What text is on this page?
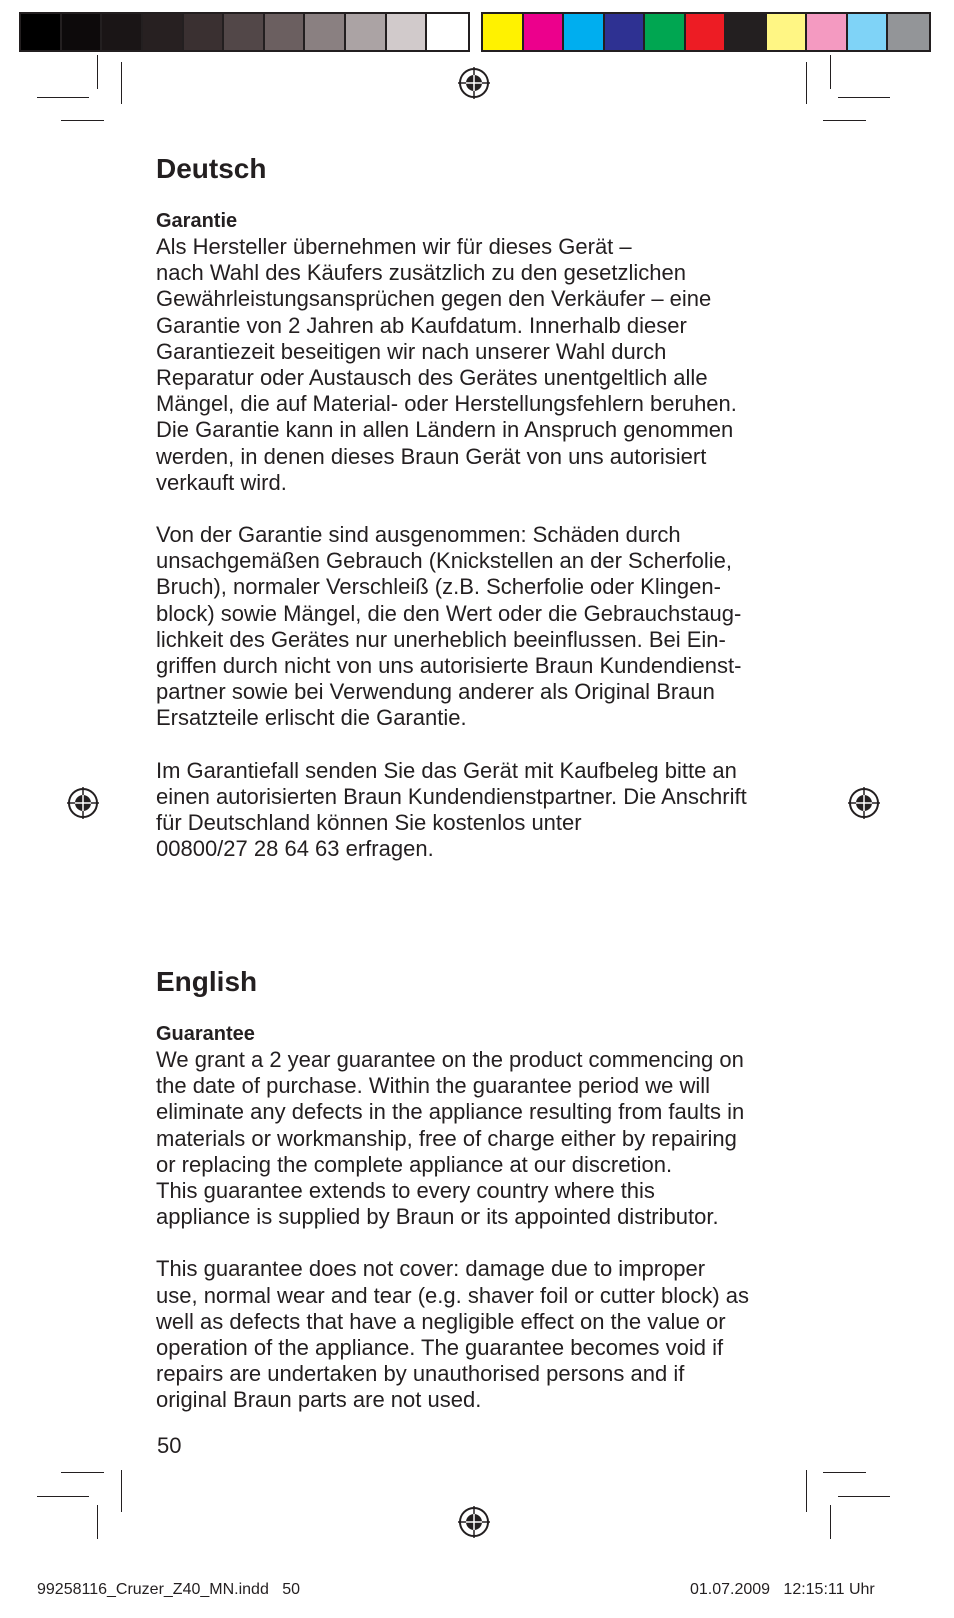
Deutsch
Garantie

Als Hersteller übernehmen wir für dieses Gerät –
nach Wahl des Käufers zusätzlich zu den gesetzlichen
Gewährleistungsansprüchen gegen den Verkäufer – eine
Garantie von 2 Jahren ab Kaufdatum. Innerhalb dieser
Garantiezeit beseitigen wir nach unserer Wahl durch
Reparatur oder Austausch des Gerätes unentgeltlich alle
Mängel, die auf Material- oder Herstellungsfehlern beruhen.
Die Garantie kann in allen Ländern in Anspruch genommen
werden, in denen dieses Braun Gerät von uns autorisiert
verkauft wird.

Von der Garantie sind ausgenommen: Schäden durch
unsachgemäßen Gebrauch (Knickstellen an der Scherfolie,
Bruch), normaler Verschleiß (z.B. Scherfolie oder Klingen-
block) sowie Mängel, die den Wert oder die Gebrauchstaug-
lichkeit des Gerätes nur unerheblich beeinflussen. Bei Ein-
griffen durch nicht von uns autorisierte Braun Kundendienst-
partner sowie bei Verwendung anderer als Original Braun
Ersatzteile erlischt die Garantie.

Im Garantiefall senden Sie das Gerät mit Kaufbeleg bitte an
einen autorisierten Braun Kundendienstpartner. Die Anschrift
für Deutschland können Sie kostenlos unter
00800/27 28 64 63 erfragen.

English
Guarantee

We grant a 2 year guarantee on the product commencing on
the date of purchase. Within the guarantee period we will
eliminate any defects in the appliance resulting from faults in
materials or workmanship, free of charge either by repairing
or replacing the complete appliance at our discretion.
This guarantee extends to every country where this
appliance is supplied by Braun or its appointed distributor.

This guarantee does not cover: damage due to improper
use, normal wear and tear (e.g. shaver foil or cutter block) as
well as defects that have a negligible effect on the value or
operation of the appliance. The guarantee becomes void if
repairs are undertaken by unauthorised persons and if
original Braun parts are not used.

50
99258116_Cruzer_Z40_MN.indd   50	01.07.2009   12:15:11 Uhr
